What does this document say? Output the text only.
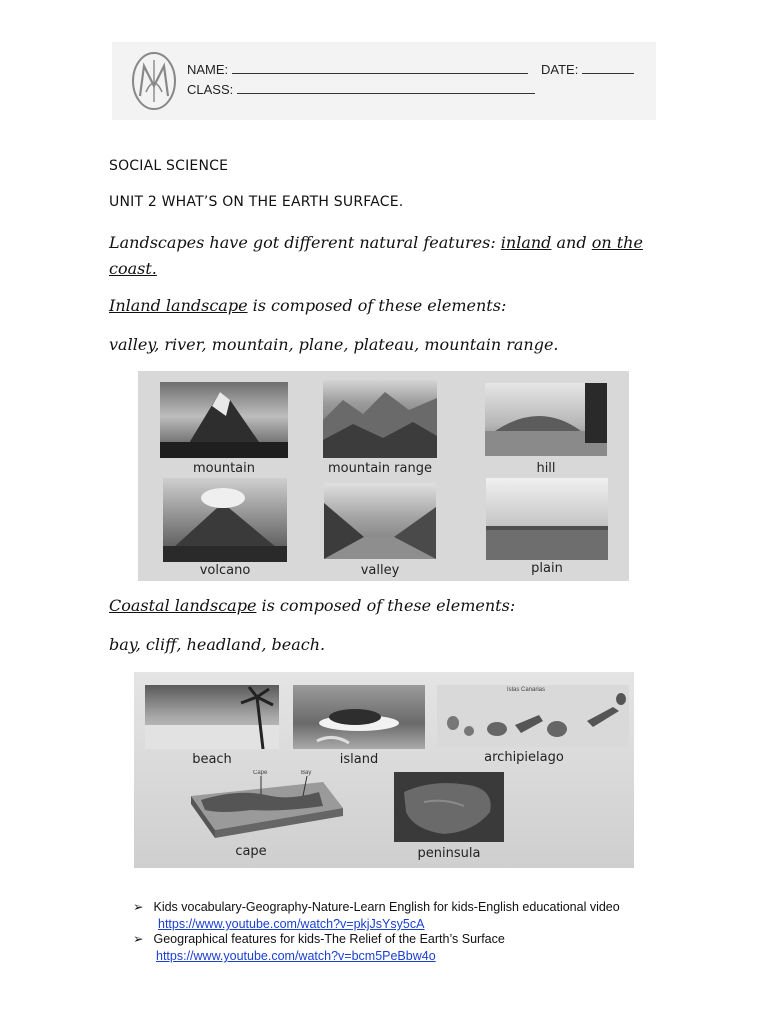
NAME:	DATE:
CLASS:
SOCIAL SCIENCE
UNIT 2 WHAT’S ON THE EARTH SURFACE.
Landscapes have got different natural features: inland and on the coast.
Inland landscape is composed of these elements:
valley, river, mountain, plane, plateau, mountain range.
mountain	mountain range	hill
volcano	valley	plain
Coastal landscape is composed of these elements:
bay, cliff, headland, beach.
beach	island
Islas Canarias
archipielago
Cape	Bay
cape	peninsula
➢ Kids vocabulary-Geography-Nature-Learn English for kids-English educational video
https://www.youtube.com/watch?v=pkjJsYsy5cA
➢ Geographical features for kids-The Relief of the Earth’s Surface
https://www.youtube.com/watch?v=bcm5PeBbw4o
